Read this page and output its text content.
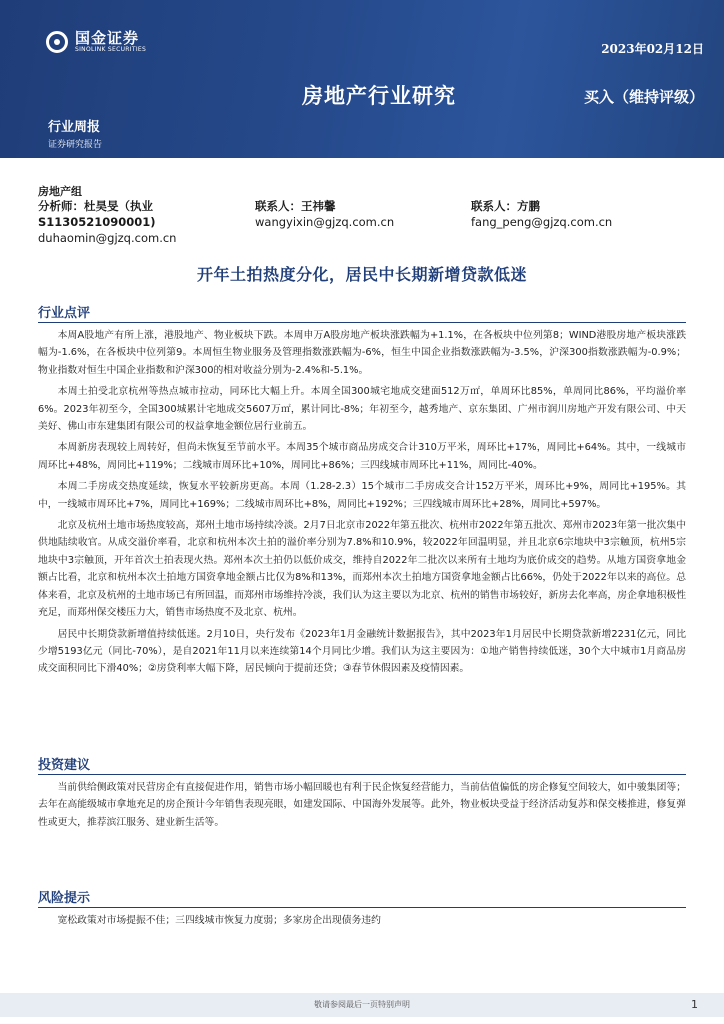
国金证券
SINOLINK SECURITIES	2023年02月12日
房地产行业研究	买入（维持评级）
行业周报
证券研究报告
房地产组
分析师：杜昊旻（执业
S1130521090001)
duhaomin@gjzq.com.cn
联系人：王祎馨
wangyixin@gjzq.com.cn
联系人：方鹏
fang_peng@gjzq.com.cn
开年土拍热度分化，居民中长期新增贷款低迷
行业点评

本周A股地产有所上涨，港股地产、物业板块下跌。本周申万A股房地产板块涨跌幅为+1.1%，在各板块中位列第8；WIND港股房地产板块涨跌幅为-1.6%，在各板块中位列第9。本周恒生物业服务及管理指数涨跌幅为-6%，恒生中国企业指数涨跌幅为-3.5%，沪深300指数涨跌幅为-0.9%；物业指数对恒生中国企业指数和沪深300的相对收益分别为-2.4%和-5.1%。

本周土拍受北京杭州等热点城市拉动，同环比大幅上升。本周全国300城宅地成交建面512万㎡，单周环比85%，单周同比86%，平均溢价率6%。2023年初至今，全国300城累计宅地成交5607万㎡，累计同比-8%；年初至今，越秀地产、京东集团、广州市润川房地产开发有限公司、中天美好、佛山市东建集团有限公司的权益拿地金额位居行业前五。

本周新房表现较上周转好，但尚未恢复至节前水平。本周35个城市商品房成交合计310万平米，周环比+17%，周同比+64%。其中，一线城市周环比+48%，周同比+119%；二线城市周环比+10%，周同比+86%；三四线城市周环比+11%，周同比-40%。

本周二手房成交热度延续，恢复水平较新房更高。本周（1.28-2.3）15个城市二手房成交合计152万平米，周环比+9%，周同比+195%。其中，一线城市周环比+7%，周同比+169%；二线城市周环比+8%，周同比+192%；三四线城市周环比+28%，周同比+597%。

北京及杭州土地市场热度较高，郑州土地市场持续冷淡。2月7日北京市2022年第五批次、杭州市2022年第五批次、郑州市2023年第一批次集中供地陆续收官。从成交溢价率看，北京和杭州本次土拍的溢价率分别为7.8%和10.9%，较2022年回温明显，并且北京6宗地块中3宗触顶，杭州5宗地块中3宗触顶，开年首次土拍表现火热。郑州本次土拍仍以低价成交，维持自2022年二批次以来所有土地均为底价成交的趋势。从地方国资拿地金额占比看，北京和杭州本次土拍地方国资拿地金额占比仅为8%和13%，而郑州本次土拍地方国资拿地金额占比66%，仍处于2022年以来的高位。总体来看，北京及杭州的土地市场已有所回温，而郑州市场维持冷淡，我们认为这主要以为北京、杭州的销售市场较好，新房去化率高，房企拿地积极性充足，而郑州保交楼压力大，销售市场热度不及北京、杭州。

居民中长期贷款新增值持续低迷。2月10日，央行发布《2023年1月金融统计数据报告》，其中2023年1月居民中长期贷款新增2231亿元，同比少增5193亿元（同比-70%），是自2021年11月以来连续第14个月同比少增。我们认为这主要因为：①地产销售持续低迷，30个大中城市1月商品房成交面积同比下滑40%；②房贷利率大幅下降，居民倾向于提前还贷；③春节休假因素及疫情因素。

投资建议

当前供给侧政策对民营房企有直接促进作用，销售市场小幅回暖也有利于民企恢复经营能力，当前估值偏低的房企修复空间较大，如中骏集团等；去年在高能级城市拿地充足的房企预计今年销售表现亮眼，如建发国际、中国海外发展等。此外，物业板块受益于经济活动复苏和保交楼推进，修复弹性或更大，推荐滨江服务、建业新生活等。

风险提示

宽松政策对市场提振不佳；三四线城市恢复力度弱；多家房企出现债务违约

敬请参阅最后一页特别声明	1
